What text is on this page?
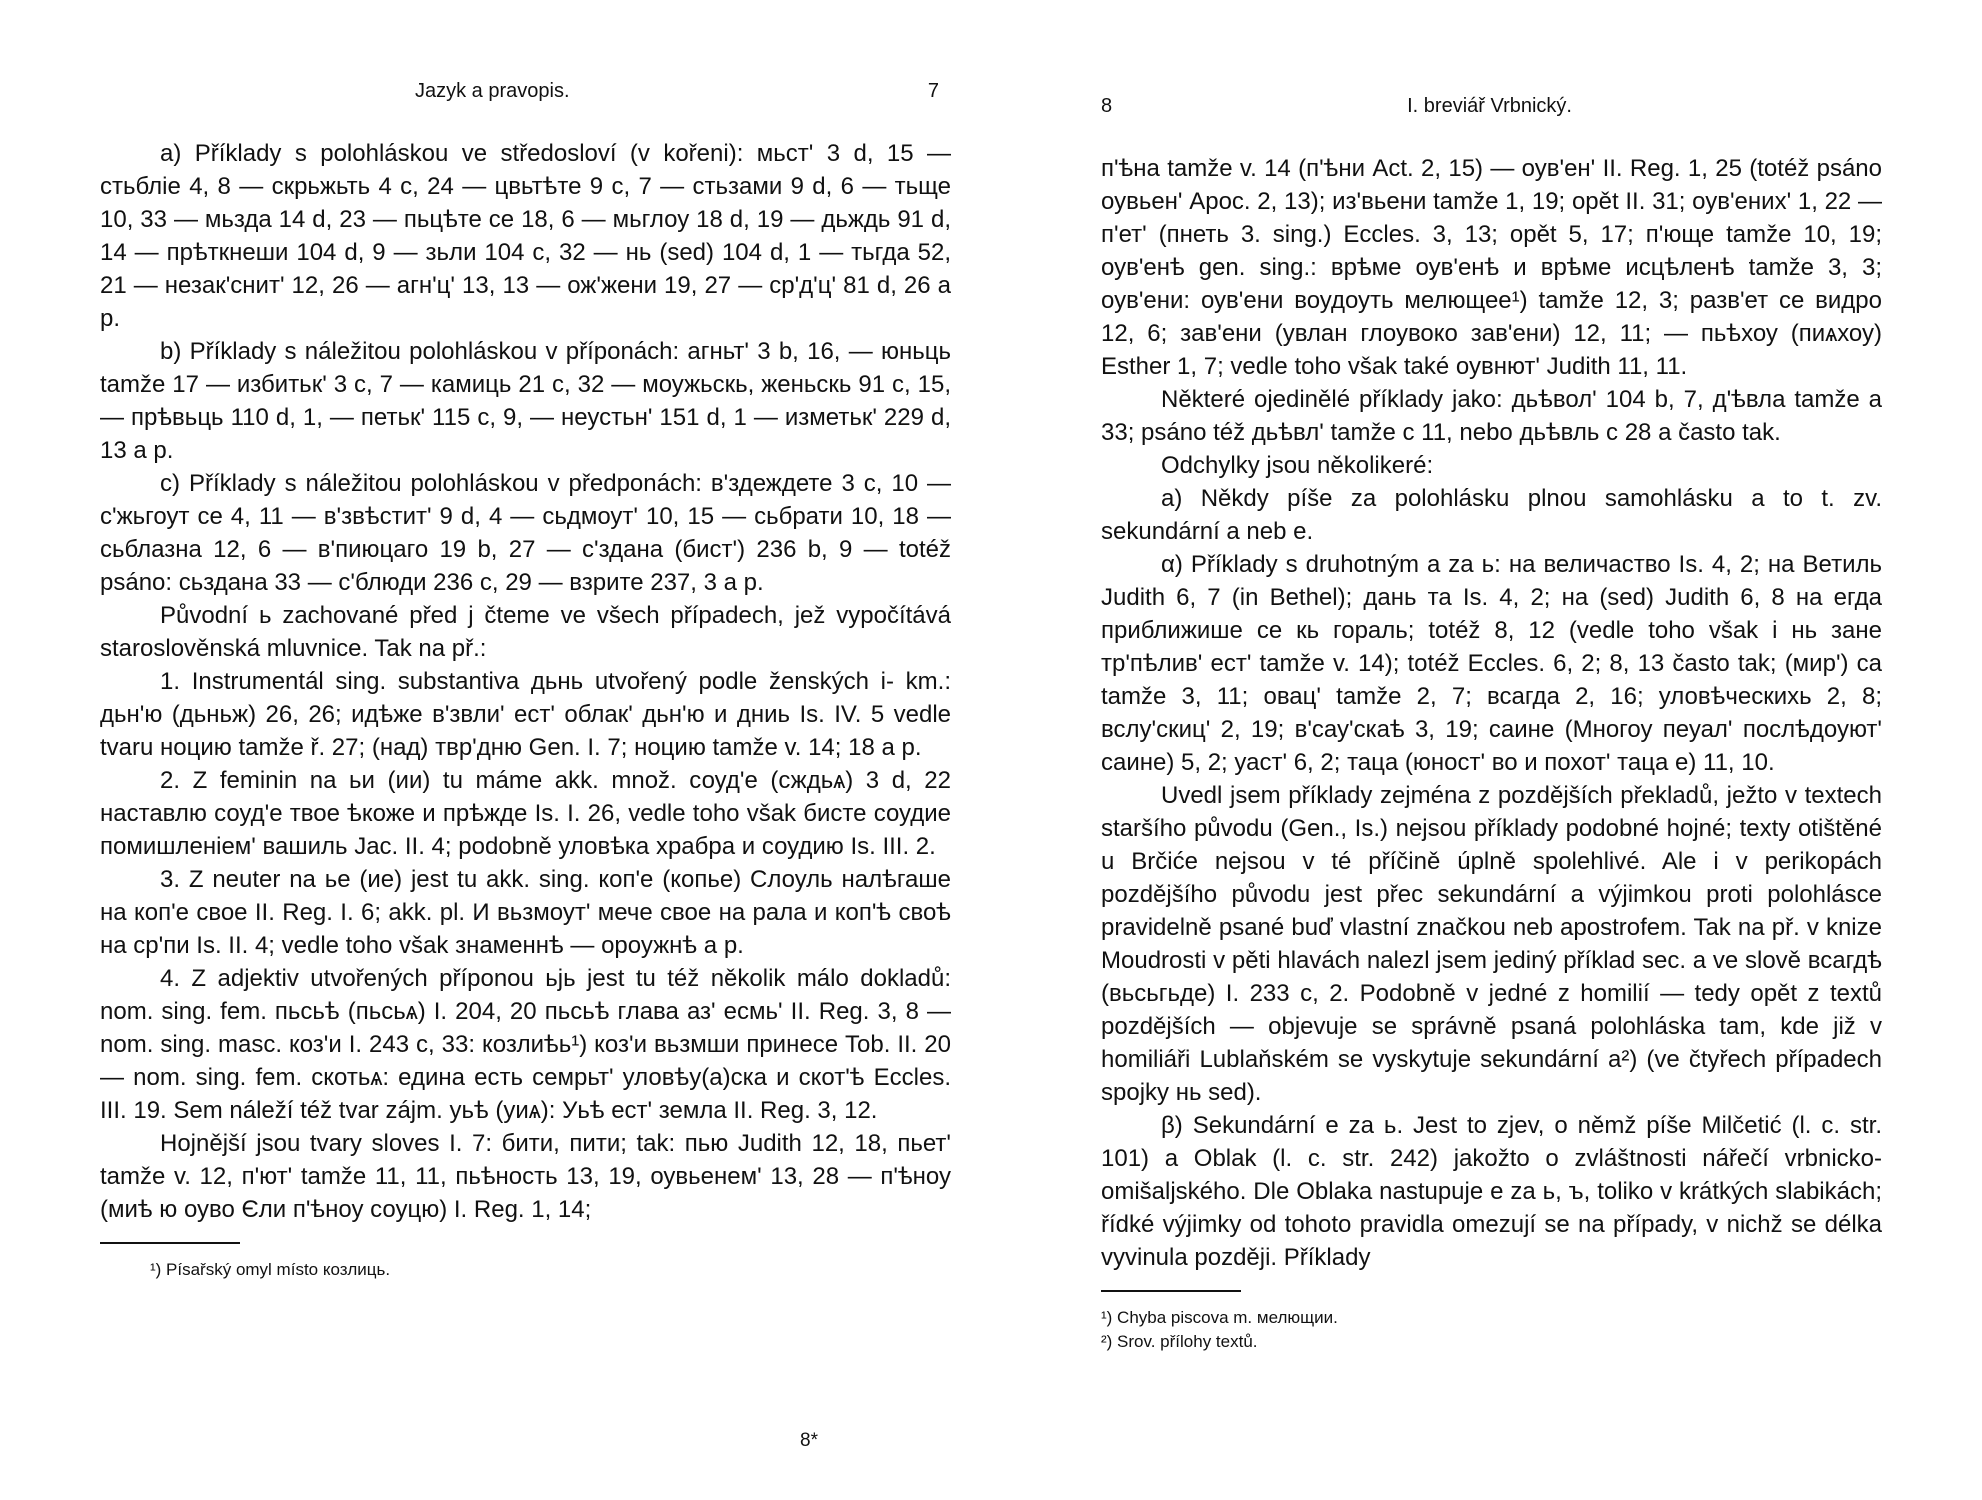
Jazyk a pravopis.	7

a) Příklady s polohláskou ve středosloví (v kořeni): мьст' 3 d, 15 — стьбліе 4, 8 — скрьжьть 4 c, 24 — цвьтѣте 9 c, 7 — стьзами 9 d, 6 — тьще 10, 33 — мьзда 14 d, 23 — пьцѣте се 18, 6 — мьглоу 18 d, 19 — дьждь 91 d, 14 — прѣткнеши 104 d, 9 — зьли 104 c, 32 — нь (sed) 104 d, 1 — тьгда 52, 21 — незак'снит' 12, 26 — агн'ц' 13, 13 — ож'жени 19, 27 — ср'д'ц' 81 d, 26 a p.

b) Příklady s náležitou polohláskou v příponách: агньт' 3 b, 16, — юньць tamže 17 — избитьк' 3 c, 7 — камиць 21 c, 32 — моужьскь, женьскь 91 c, 15, — прѣвьць 110 d, 1, — петьк' 115 c, 9, — неустьн' 151 d, 1 — изметьк' 229 d, 13 a p.

c) Příklady s náležitou polohláskou v předponách: в'здеждете 3 c, 10 — с'жьгоут се 4, 11 — в'звѣстит' 9 d, 4 — сьдмоут' 10, 15 — сьбрати 10, 18 — сьблазна 12, 6 — в'пиюцаго 19 b, 27 — с'здана (бист') 236 b, 9 — totéž psáno: сьздана 33 — с'блюди 236 c, 29 — взрите 237, 3 a p.

Původní ь zachované před j čteme ve všech případech, jež vypočítává staroslověnská mluvnice. Tak na př.:

1. Instrumentál sing. substantiva дьнь utvořený podle ženských i- km.: дьн'ю (дьньж) 26, 26; идѣже в'звли' ест' облак' дьн'ю и дниь Is. IV. 5 vedle tvaru ноцию tamže ř. 27; (над) твр'дню Gen. I. 7; ноцию tamže v. 14; 18 a p.

2. Z feminin na ьи (ии) tu máme akk. množ. соуд'е (сждьѧ) 3 d, 22 наставлю соуд'е твое ѣкоже и прѣжде Is. I. 26, vedle toho však бисте соудие помишленіем' вашиль Jac. II. 4; podobně уловѣка храбра и соудию Is. III. 2.

3. Z neuter na ье (ие) jest tu akk. sing. коп'е (копье) Слоуль налѣгаше на коп'е свое II. Reg. I. 6; akk. pl. И вьзмоут' мече свое на рала и коп'ѣ своѣ на ср'пи Is. II. 4; vedle toho však знаменнѣ — ороужнѣ a p.

4. Z adjektiv utvořených příponou ьjь jest tu též několik málo dokladů: nom. sing. fem. пьсьѣ (пьсьѧ) I. 204, 20 пьсьѣ глава аз' есмь' II. Reg. 3, 8 — nom. sing. masc. коз'и I. 243 c, 33: козлиѣь¹) коз'и вьзмши принесе Tob. II. 20 — nom. sing. fem. скотьѧ: едина есть семрьт' уловѣу(а)ска и скот'ѣ Eccles. III. 19. Sem náleží též tvar zájm. уьѣ (уиѧ): Уьѣ ест' земла II. Reg. 3, 12.

Hojnější jsou tvary sloves I. 7: бити, пити; tak: пью Judith 12, 18, пьет' tamže v. 12, п'ют' tamže 11, 11, пьѣность 13, 19, оувьенем' 13, 28 — п'ѣноу (миѣ ю оуво Єли п'ѣноу соуцю) I. Reg. 1, 14;

¹) Písařský omyl místo козлиць.
8*
8	I. breviář Vrbnický.

п'ѣна tamže v. 14 (п'ѣни Act. 2, 15) — оув'ен' II. Reg. 1, 25 (totéž psáno оувьен' Apoc. 2, 13); из'вьени tamže 1, 19; opět II. 31; оув'ених' 1, 22 — п'ет' (пнеть 3. sing.) Eccles. 3, 13; opět 5, 17; п'юще tamže 10, 19; оув'енѣ gen. sing.: врѣме оув'енѣ и врѣме исцѣленѣ tamže 3, 3; оув'ени: оув'ени воудоуть мелющее¹) tamže 12, 3; разв'ет се видро 12, 6; зав'ени (увлан глоувоко зав'ени) 12, 11; — пьѣхоу (пиѧхоу) Esther 1, 7; vedle toho však také оувнют' Judith 11, 11.

Některé ojedinělé příklady jako: дьѣвол' 104 b, 7, д'ѣвла tamže a 33; psáno též дьѣвл' tamže c 11, nebo дьѣвль c 28 a často tak.

Odchylky jsou několikeré:

a) Někdy píše za polohlásku plnou samohlásku a to t. zv. sekundární a neb e.

α) Příklady s druhotným a za ь: на величаство Is. 4, 2; на Ветиль Judith 6, 7 (in Bethel); дань та Is. 4, 2; на (sed) Judith 6, 8 на егда приближише се кь гораль; totéž 8, 12 (vedle toho však i нь зане тр'пѣлив' ест' tamže v. 14); totéž Eccles. 6, 2; 8, 13 často tak; (мир') са tamže 3, 11; овац' tamže 2, 7; всагда 2, 16; уловѣческихь 2, 8; вслу'скиц' 2, 19; в'сау'скаѣ 3, 19; саине (Многоу пеуал' послѣдоуют' саине) 5, 2; уаст' 6, 2; таца (юност' во и похот' таца е) 11, 10.

Uvedl jsem příklady zejména z pozdějších překladů, ježto v textech staršího původu (Gen., Is.) nejsou příklady podobné hojné; texty otištěné u Brčiće nejsou v té příčině úplně spolehlivé. Ale i v perikopách pozdějšího původu jest přec sekundární a výjimkou proti polohlásce pravidelně psané buď vlastní značkou neb apostrofem. Tak na př. v knize Moudrosti v pěti hlavách nalezl jsem jediný příklad sec. a ve slově всагдѣ (вьсьгьде) I. 233 c, 2. Podobně v jedné z homilií — tedy opět z textů pozdějších — objevuje se správně psaná polohláska tam, kde již v homiliáři Lublaňském se vyskytuje sekundární a²) (ve čtyřech případech spojky нь sed).

β) Sekundární e za ь. Jest to zjev, o němž píše Milčetić (l. c. str. 101) a Oblak (l. c. str. 242) jakožto o zvláštnosti nářečí vrbnicko-omišaljského. Dle Oblaka nastupuje e za ь, ъ, toliko v krátkých slabikách; řídké výjimky od tohoto pravidla omezují se na případy, v nichž se délka vyvinula později. Příklady

¹) Chyba piscova m. мелющии.
²) Srov. přílohy textů.
